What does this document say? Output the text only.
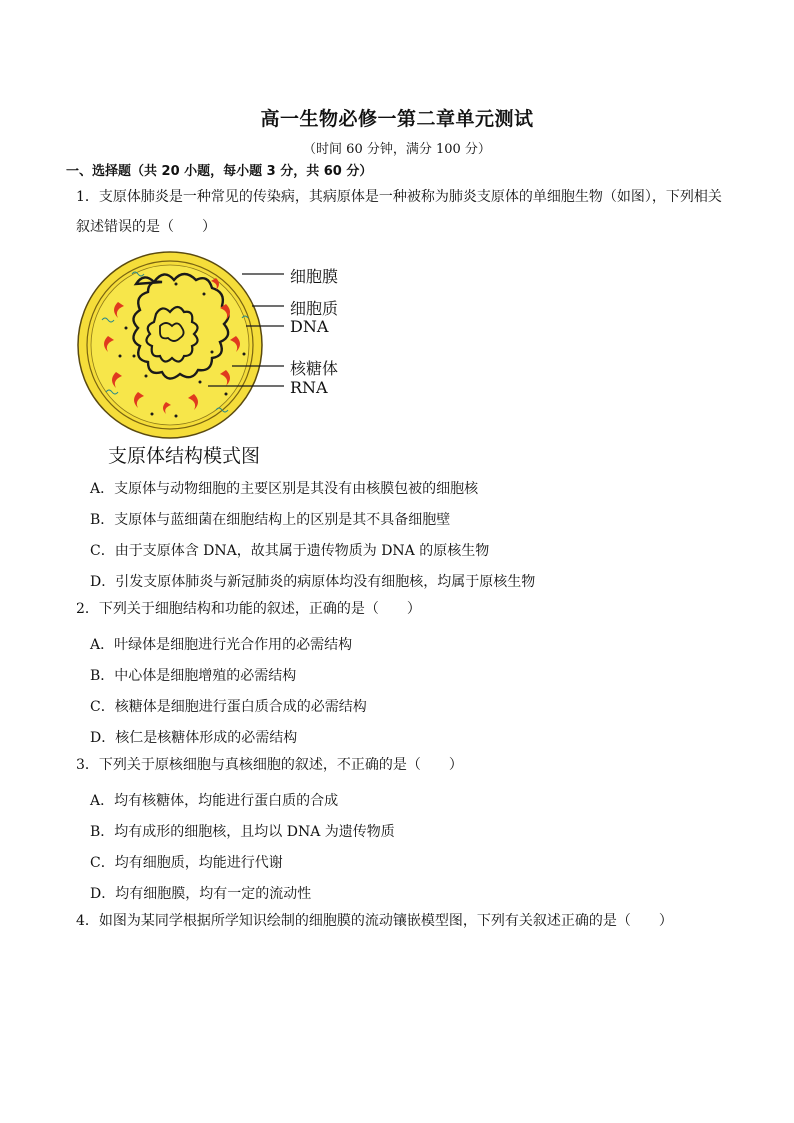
高一生物必修一第二章单元测试
（时间 60 分钟，满分 100 分）
一、选择题（共 20 小题，每小题 3 分，共 60 分）
1．支原体肺炎是一种常见的传染病，其病原体是一种被称为肺炎支原体的单细胞生物（如图），下列相关叙述错误的是（　　）
细胞膜
细胞质
DNA
核糖体
RNA
支原体结构模式图
A．支原体与动物细胞的主要区别是其没有由核膜包被的细胞核
B．支原体与蓝细菌在细胞结构上的区别是其不具备细胞壁
C．由于支原体含 DNA，故其属于遗传物质为 DNA 的原核生物
D．引发支原体肺炎与新冠肺炎的病原体均没有细胞核，均属于原核生物
2．下列关于细胞结构和功能的叙述，正确的是（　　）
A．叶绿体是细胞进行光合作用的必需结构
B．中心体是细胞增殖的必需结构
C．核糖体是细胞进行蛋白质合成的必需结构
D．核仁是核糖体形成的必需结构
3．下列关于原核细胞与真核细胞的叙述，不正确的是（　　）
A．均有核糖体，均能进行蛋白质的合成
B．均有成形的细胞核，且均以 DNA 为遗传物质
C．均有细胞质，均能进行代谢
D．均有细胞膜，均有一定的流动性
4．如图为某同学根据所学知识绘制的细胞膜的流动镶嵌模型图，下列有关叙述正确的是（　　）
